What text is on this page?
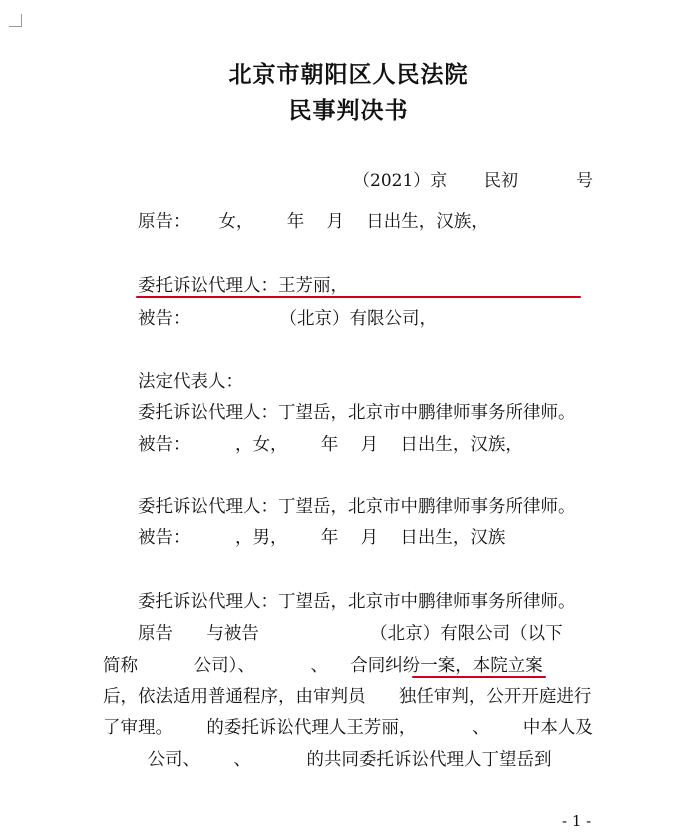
北京市朝阳区人民法院
民事判决书

（2021）京

民初

	号

原告：     女，      年    月    日出生，汉族，
委托诉讼代理人：王芳丽，
被告：                （北京）有限公司，
法定代表人：
委托诉讼代理人：丁望岳，北京市中鹏律师事务所律师。
被告：        ，女，      年    月    日出生，汉族，
委托诉讼代理人：丁望岳，北京市中鹏律师事务所律师。
被告：        ，男，      年    月    日出生，汉族
委托诉讼代理人：丁望岳，北京市中鹏律师事务所律师。
原告      与被告                    （北京）有限公司（以下
简称          公司）、          、    合同纠纷一案，本院立案
后，依法适用普通程序，由审判员      独任审判，公开开庭进行
了审理。      的委托诉讼代理人王芳丽，          、      中本人及
公司、      、          的共同委托诉讼代理人丁望岳到
- 1 -
